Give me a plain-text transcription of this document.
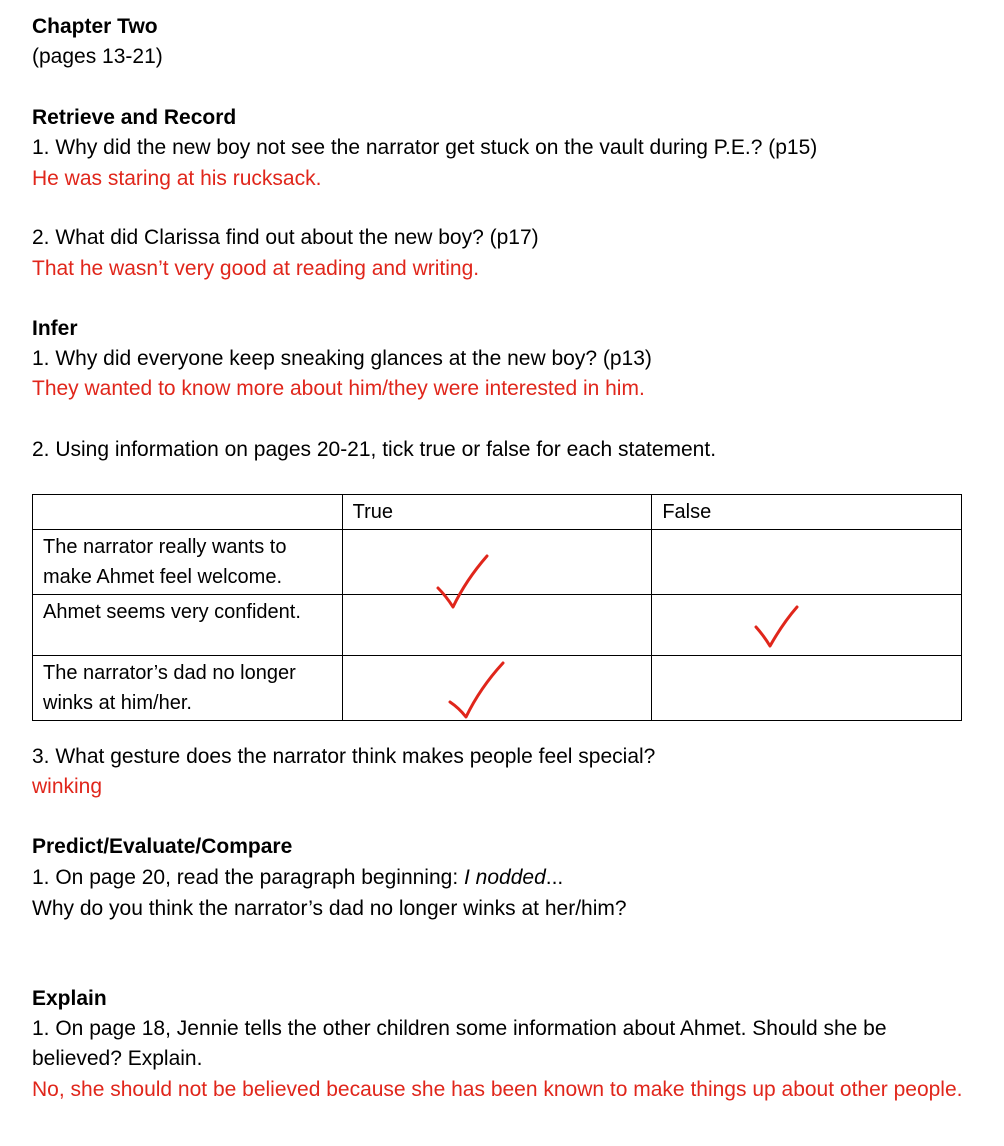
Chapter Two
(pages 13-21)
Retrieve and Record
1. Why did the new boy not see the narrator get stuck on the vault during P.E.? (p15)
He was staring at his rucksack.
2. What did Clarissa find out about the new boy? (p17)
That he wasn’t very good at reading and writing.
Infer
1. Why did everyone keep sneaking glances at the new boy? (p13)
They wanted to know more about him/they were interested in him.
2. Using information on pages 20-21, tick true or false for each statement.
	True	False
The narrator really wants to make Ahmet feel welcome.		
Ahmet seems very confident.		
The narrator’s dad no longer winks at him/her.		
3. What gesture does the narrator think makes people feel special?
winking
Predict/Evaluate/Compare
1. On page 20, read the paragraph beginning: I nodded...
Why do you think the narrator’s dad no longer winks at her/him?
Explain
1. On page 18, Jennie tells the other children some information about Ahmet. Should she be believed? Explain.
No, she should not be believed because she has been known to make things up about other people.
